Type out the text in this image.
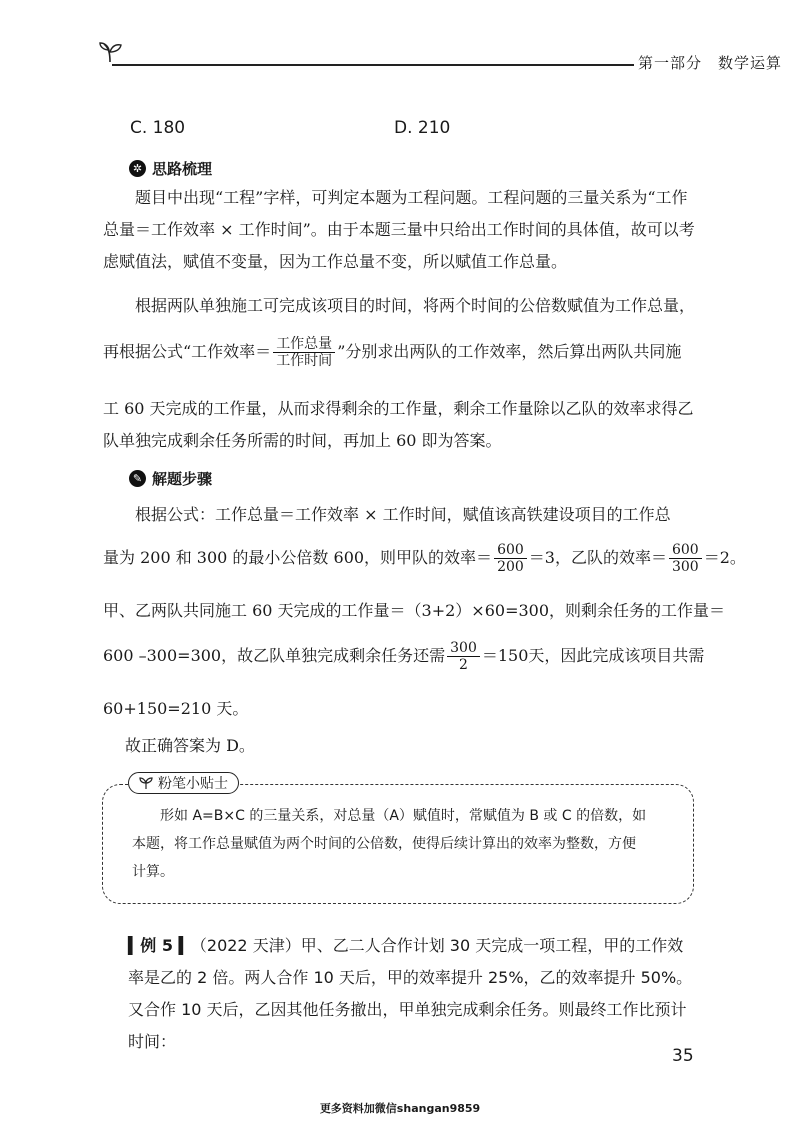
第一部分　数学运算
C. 180	D. 210
✲ 思路梳理
题目中出现“工程”字样，可判定本题为工程问题。工程问题的三量关系为“工作总量＝工作效率 × 工作时间”。由于本题三量中只给出工作时间的具体值，故可以考虑赋值法，赋值不变量，因为工作总量不变，所以赋值工作总量。
根据两队单独施工可完成该项目的时间，将两个时间的公倍数赋值为工作总量，
再根据公式“工作效率＝ $\frac{\text{工作总量}}{\text{工作时间}}$ ”分别求出两队的工作效率，然后算出两队共同施
工 60 天完成的工作量，从而求得剩余的工作量，剩余工作量除以乙队的效率求得乙
队单独完成剩余任务所需的时间，再加上 60 即为答案。
✎ 解题步骤
根据公式：工作总量＝工作效率 × 工作时间，赋值该高铁建设项目的工作总
量为 200 和 300 的最小公倍数 600，则甲队的效率＝ $\frac{600}{200} =3$，乙队的效率＝ $\frac{600}{300} =2$。
甲、乙两队共同施工 60 天完成的工作量＝（3+2）×60=300，则剩余任务的工作量＝
600 –300=300，故乙队单独完成剩余任务还需 $\frac{300}{2} =150$天，因此完成该项目共需
60+150=210 天。
故正确答案为 D。
粉笔小贴士
形如 A=B×C 的三量关系，对总量（A）赋值时，常赋值为 B 或 C 的倍数，如
本题，将工作总量赋值为两个时间的公倍数，使得后续计算出的效率为整数，方便
计算。
▍例 5 ▍（2022 天津）甲、乙二人合作计划 30 天完成一项工程，甲的工作效率是乙的 2 倍。两人合作 10 天后，甲的效率提升 25%，乙的效率提升 50%。又合作 10 天后，乙因其他任务撤出，甲单独完成剩余任务。则最终工作比预计时间：
35
更多资料加微信shangan9859
